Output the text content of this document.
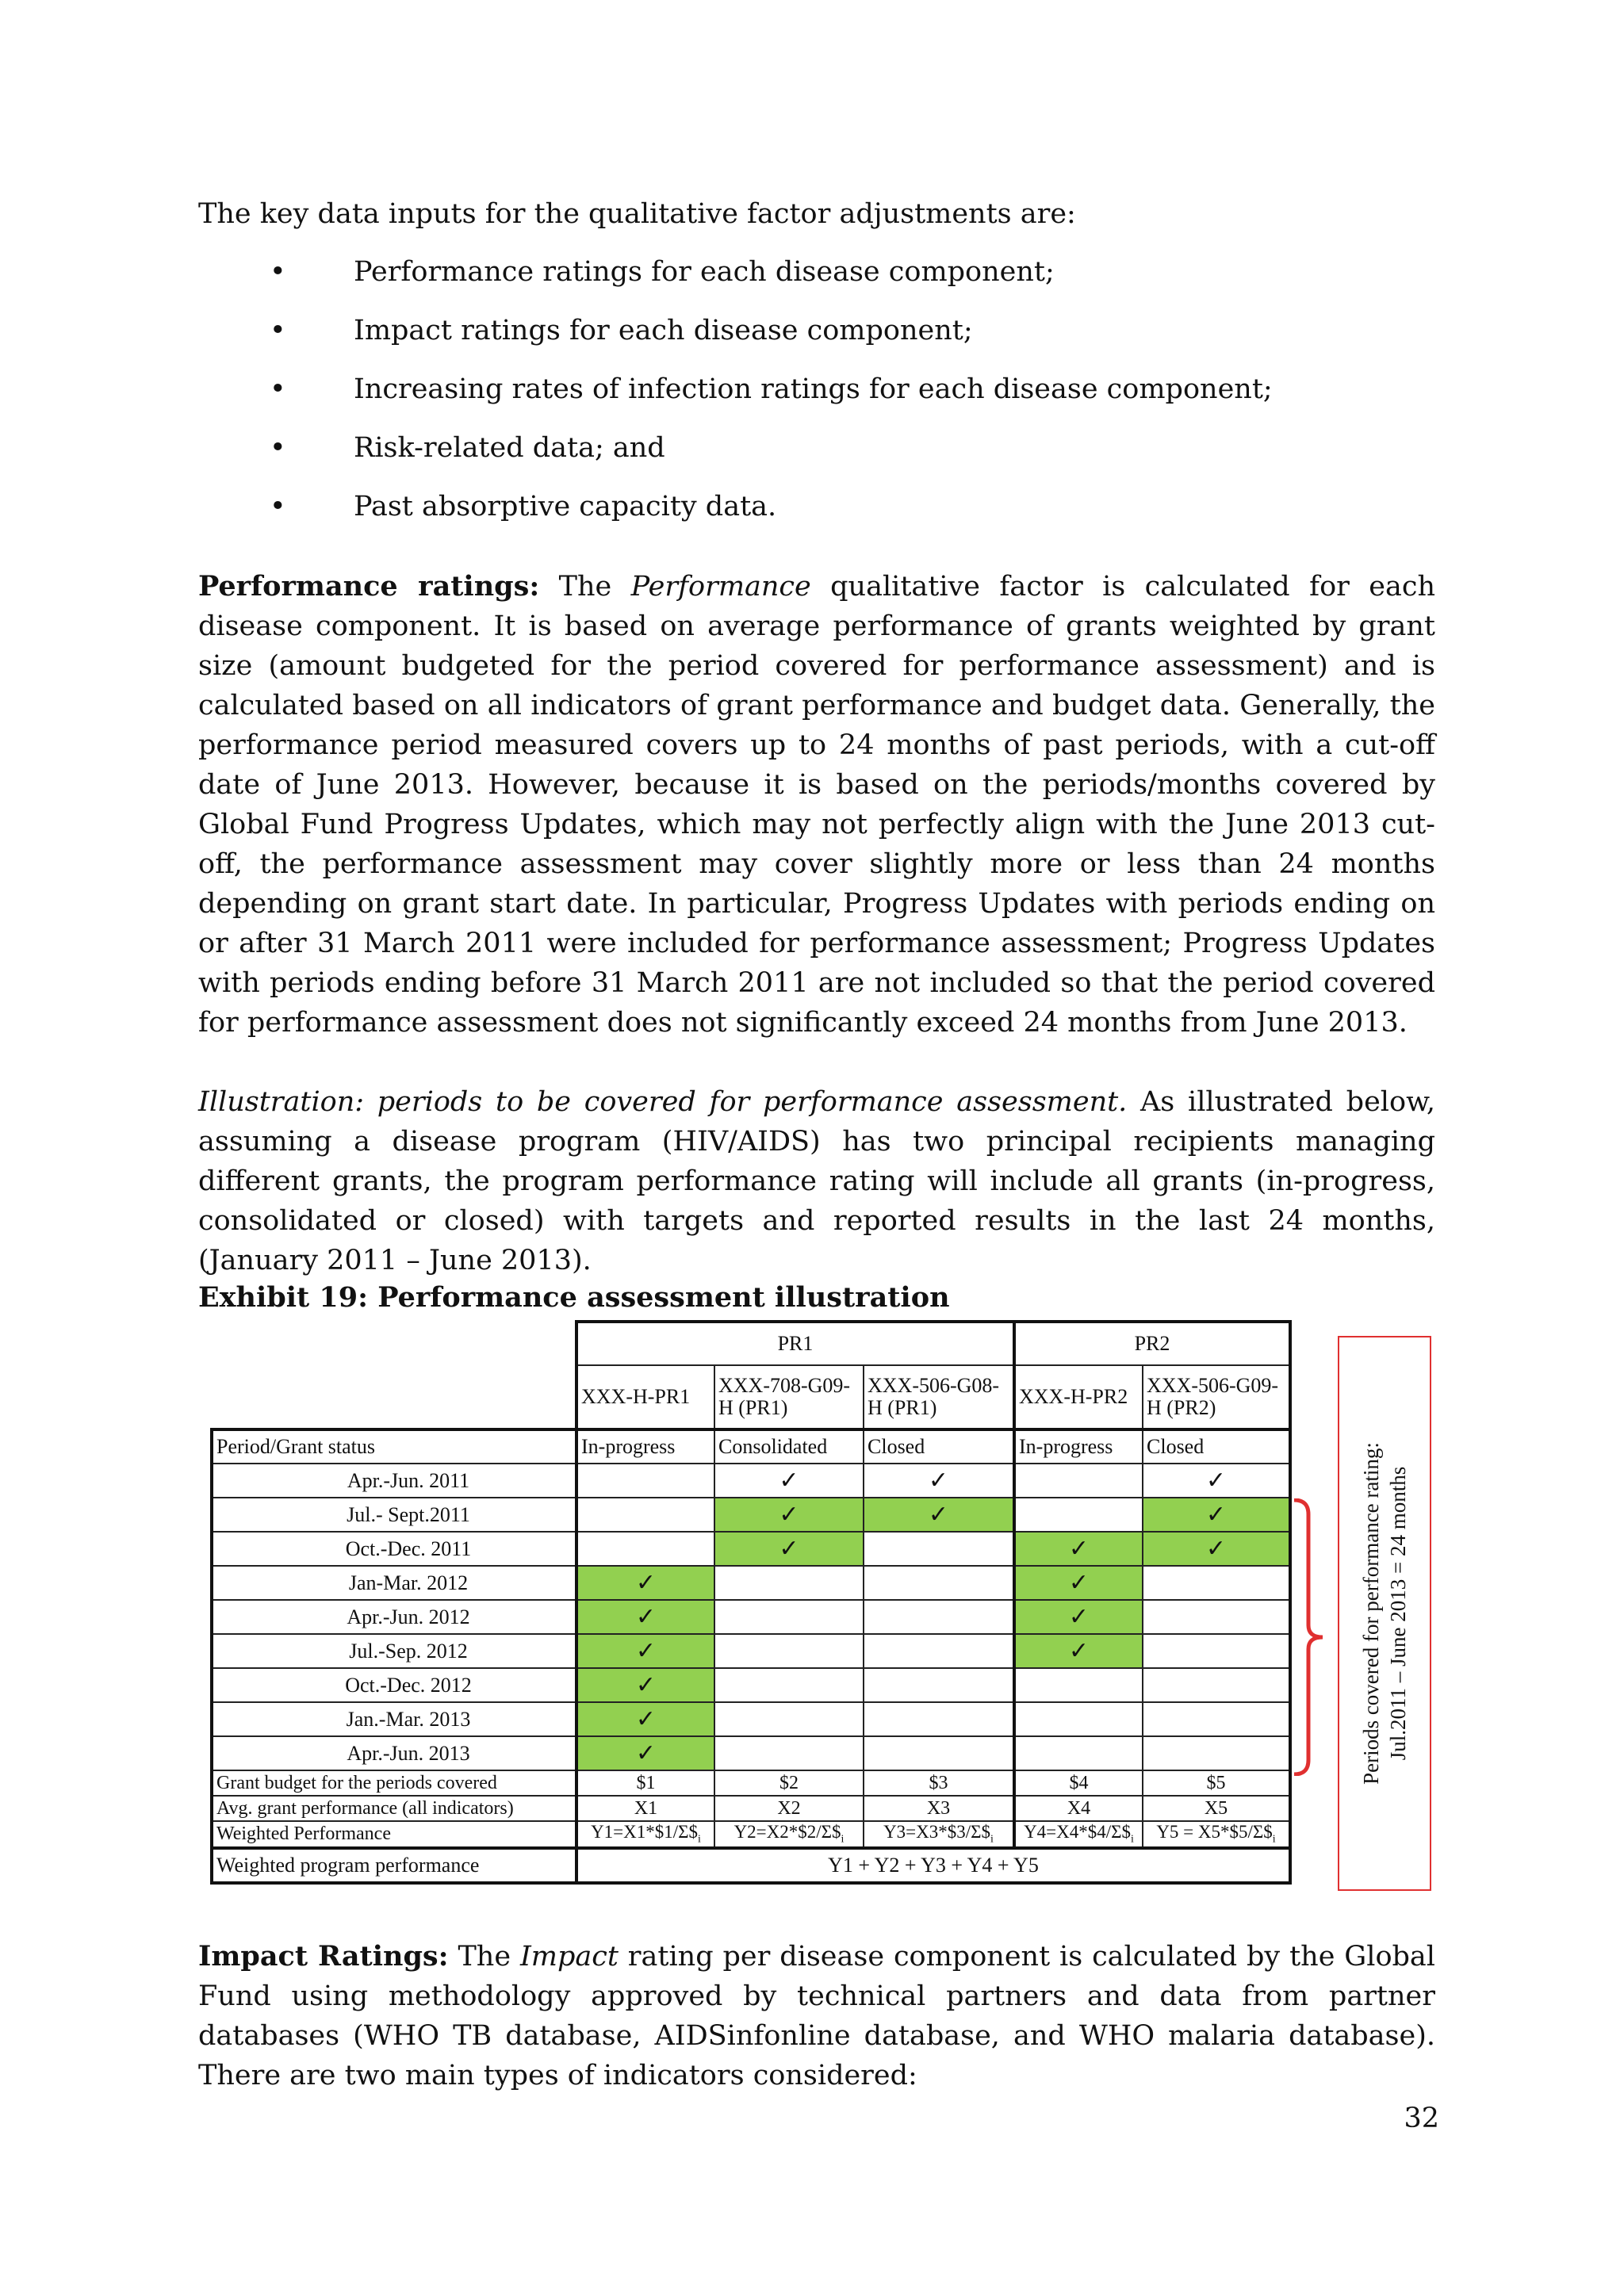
The key data inputs for the qualitative factor adjustments are:
• Performance ratings for each disease component;
• Impact ratings for each disease component;
• Increasing rates of infection ratings for each disease component;
• Risk-related data; and
• Past absorptive capacity data.
Performance ratings: The Performance qualitative factor is calculated for each disease component. It is based on average performance of grants weighted by grant size (amount budgeted for the period covered for performance assessment) and is calculated based on all indicators of grant performance and budget data. Generally, the performance period measured covers up to 24 months of past periods, with a cut-off date of June 2013. However, because it is based on the periods/months covered by Global Fund Progress Updates, which may not perfectly align with the June 2013 cut-off, the performance assessment may cover slightly more or less than 24 months depending on grant start date. In particular, Progress Updates with periods ending on or after 31 March 2011 were included for performance assessment; Progress Updates with periods ending before 31 March 2011 are not included so that the period covered for performance assessment does not significantly exceed 24 months from June 2013.
Illustration: periods to be covered for performance assessment. As illustrated below, assuming a disease program (HIV/AIDS) has two principal recipients managing different grants, the program performance rating will include all grants (in-progress, consolidated or closed) with targets and reported results in the last 24 months, (January 2011 – June 2013).
Exhibit 19: Performance assessment illustration
	PR1			PR2	
	XXX-H-PR1	XXX-708-G09-H (PR1)	XXX-506-G08-H (PR1)	XXX-H-PR2	XXX-506-G09-H (PR2)
Period/Grant status	In-progress	Consolidated	Closed	In-progress	Closed
Apr.-Jun. 2011		✓	✓		✓
Jul.- Sept.2011		✓	✓		✓
Oct.-Dec. 2011		✓		✓	✓
Jan-Mar. 2012	✓			✓	
Apr.-Jun. 2012	✓			✓	
Jul.-Sep. 2012	✓			✓	
Oct.-Dec. 2012	✓				
Jan.-Mar. 2013	✓				
Apr.-Jun. 2013	✓				
Grant budget for the periods covered	$1	$2	$3	$4	$5
Avg. grant performance (all indicators)	X1	X2	X3	X4	X5
Weighted Performance	$Y1=X1*\$1/\Sigma\$_i$	$Y2=X2*\$2/\Sigma\$_i$	$Y3=X3*\$3/\Sigma\$_i$	$Y4=X4*\$4/\Sigma\$_i$	$Y5 = X5*\$5/\Sigma\$_i$
Weighted program performance	Y1 + Y2 + Y3 + Y4 + Y5				
Periods covered for performance rating: Jul.2011 – June 2013 = 24 months
Impact Ratings: The Impact rating per disease component is calculated by the Global Fund using methodology approved by technical partners and data from partner databases (WHO TB database, AIDSinfonline database, and WHO malaria database). There are two main types of indicators considered:
32
